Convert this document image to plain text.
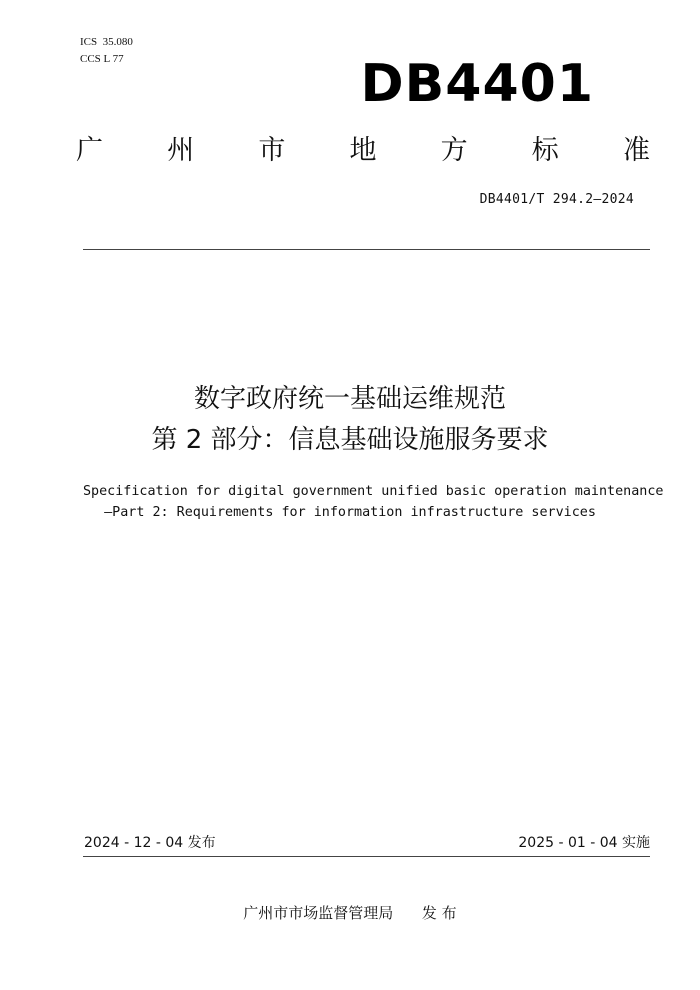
ICS  35.080
CCS L 77	DB4401
广 州 市 地 方 标 准
DB4401/T 294.2—2024
数字政府统一基础运维规范
第 2 部分：信息基础设施服务要求
Specification for digital government unified basic operation maintenance
—Part 2: Requirements for information infrastructure services
2024 - 12 - 04 发布	2025 - 01 - 04 实施
广州市市场监督管理局      发 布
